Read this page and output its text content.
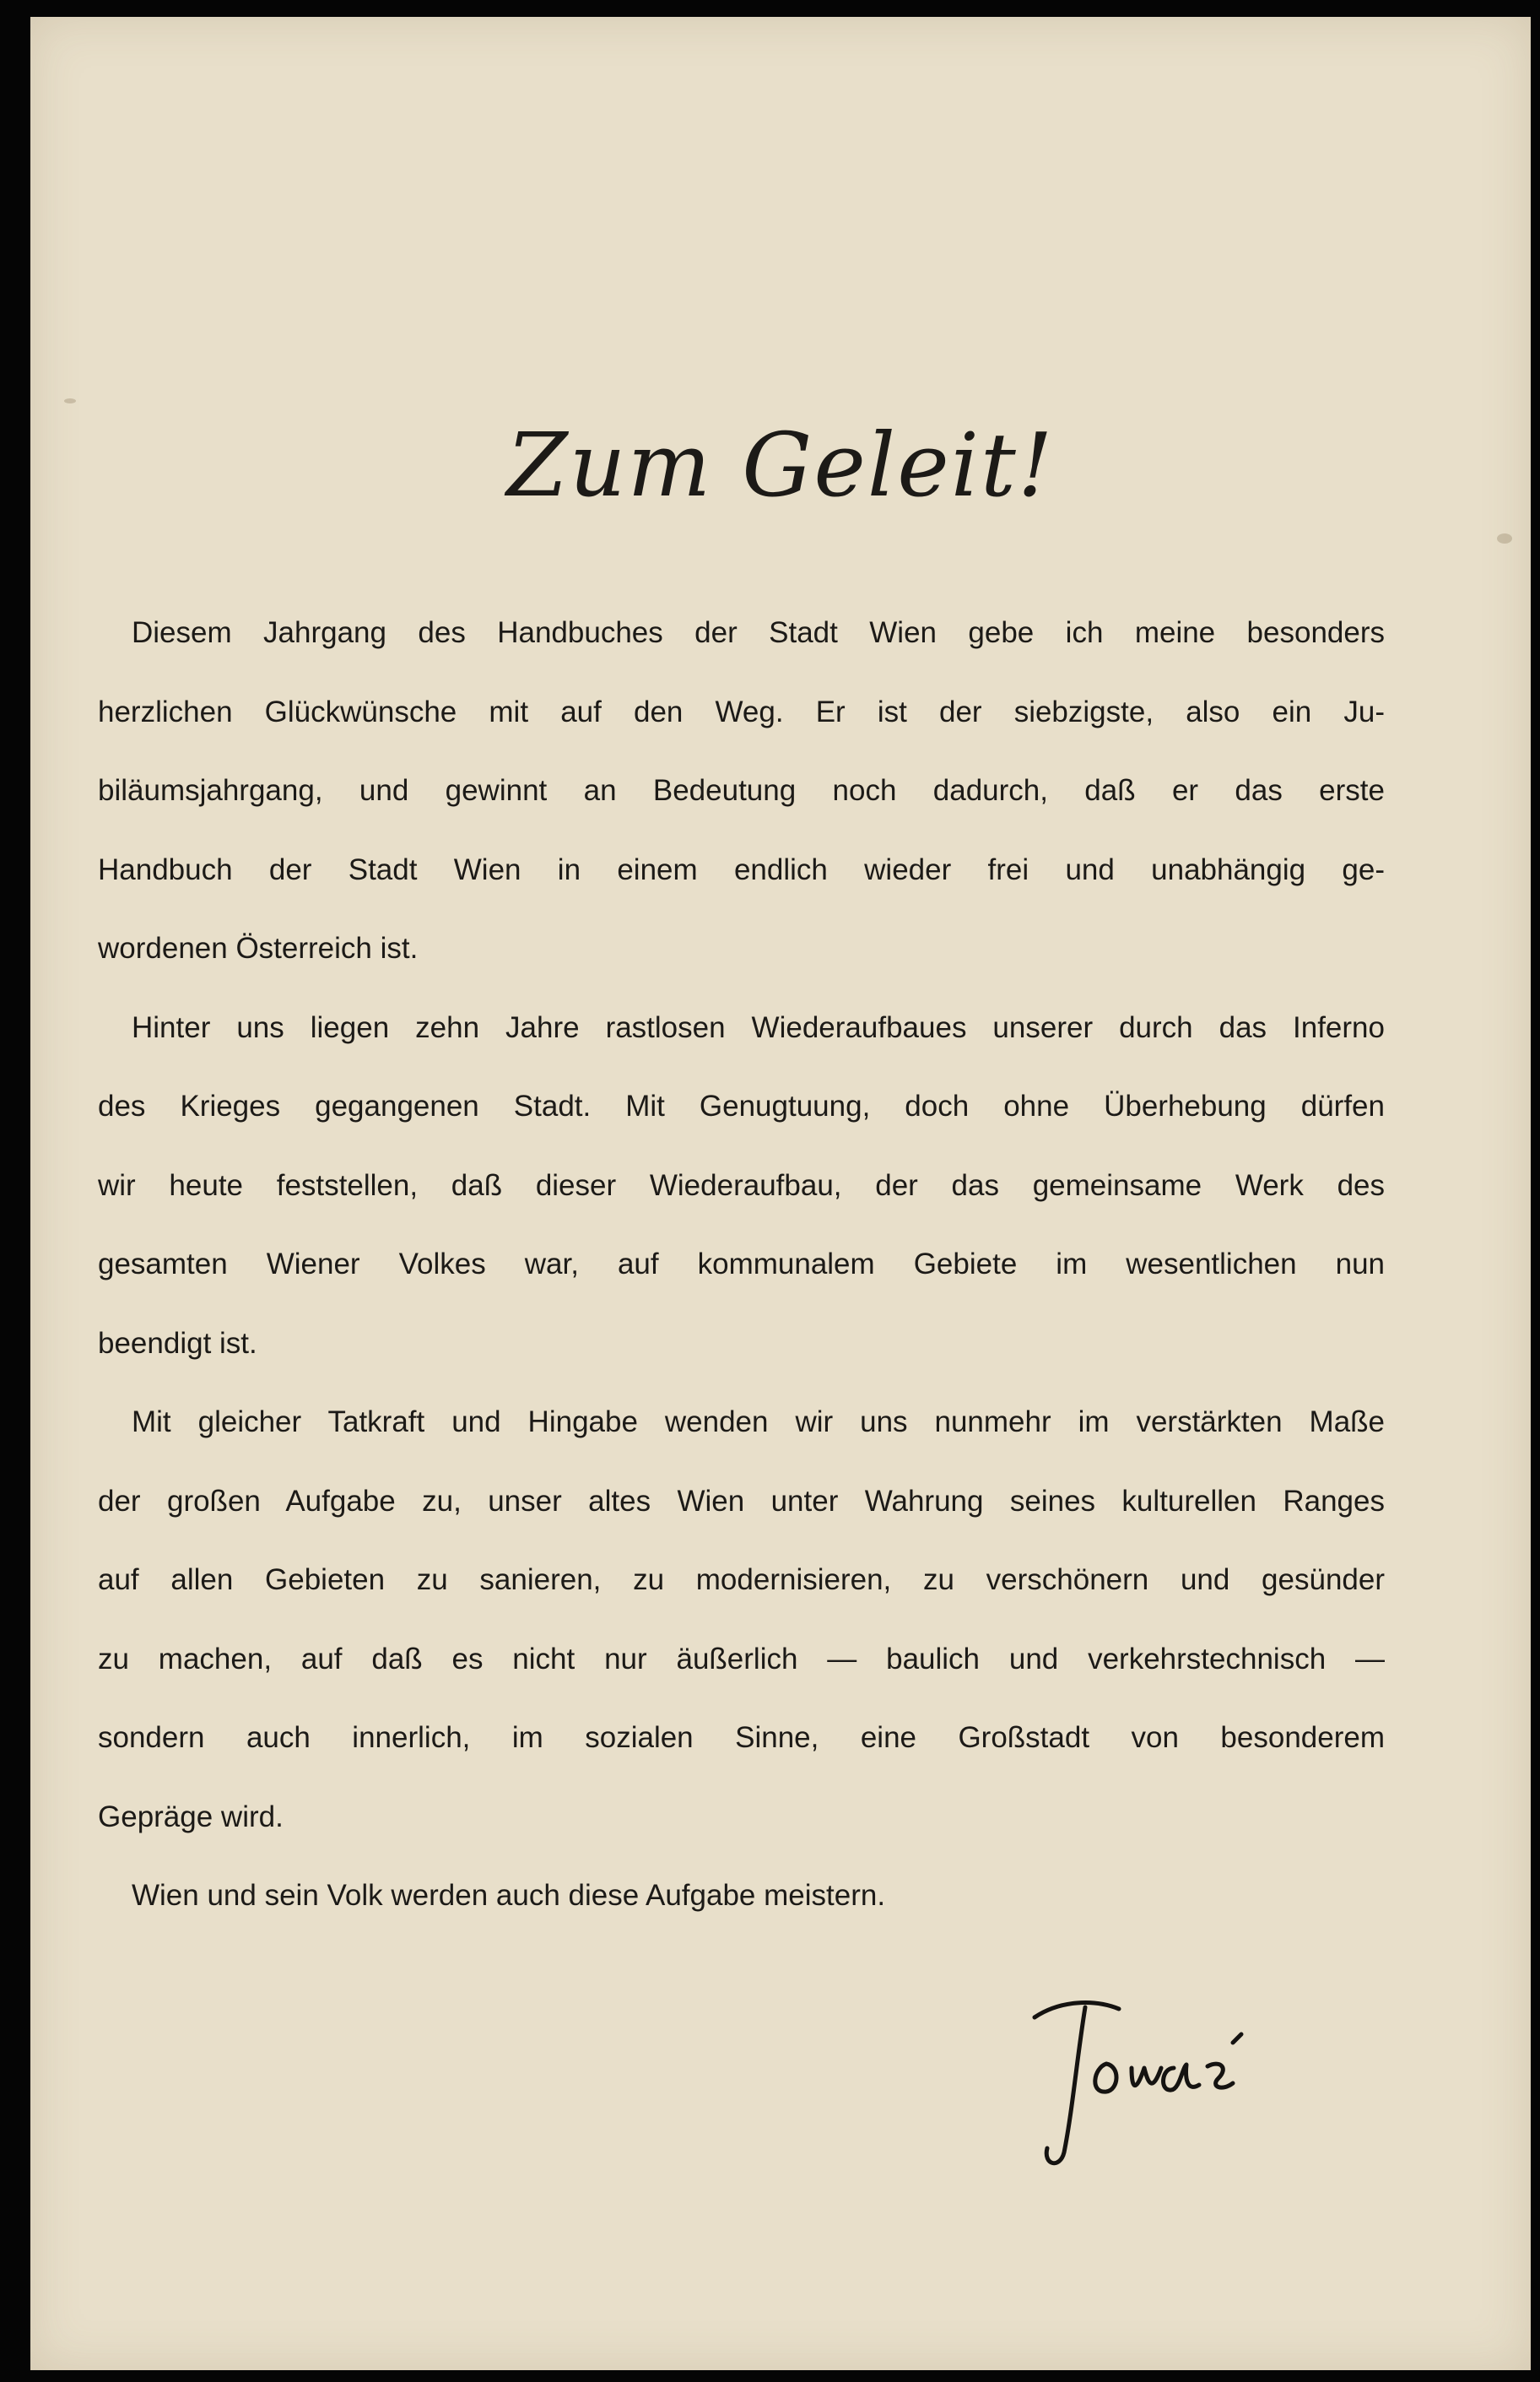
Zum Geleit!
Diesem Jahrgang des Handbuches der Stadt Wien gebe ich meine besonders
herzlichen Glückwünsche mit auf den Weg. Er ist der siebzigste, also ein Ju-
biläumsjahrgang, und gewinnt an Bedeutung noch dadurch, daß er das erste
Handbuch der Stadt Wien in einem endlich wieder frei und unabhängig ge-
wordenen Österreich ist.
Hinter uns liegen zehn Jahre rastlosen Wiederaufbaues unserer durch das Inferno
des Krieges gegangenen Stadt. Mit Genugtuung, doch ohne Überhebung dürfen
wir heute feststellen, daß dieser Wiederaufbau, der das gemeinsame Werk des
gesamten Wiener Volkes war, auf kommunalem Gebiete im wesentlichen nun
beendigt ist.
Mit gleicher Tatkraft und Hingabe wenden wir uns nunmehr im verstärkten Maße
der großen Aufgabe zu, unser altes Wien unter Wahrung seines kulturellen Ranges
auf allen Gebieten zu sanieren, zu modernisieren, zu verschönern und gesünder
zu machen, auf daß es nicht nur äußerlich — baulich und verkehrstechnisch —
sondern auch innerlich, im sozialen Sinne, eine Großstadt von besonderem
Gepräge wird.
Wien und sein Volk werden auch diese Aufgabe meistern.
